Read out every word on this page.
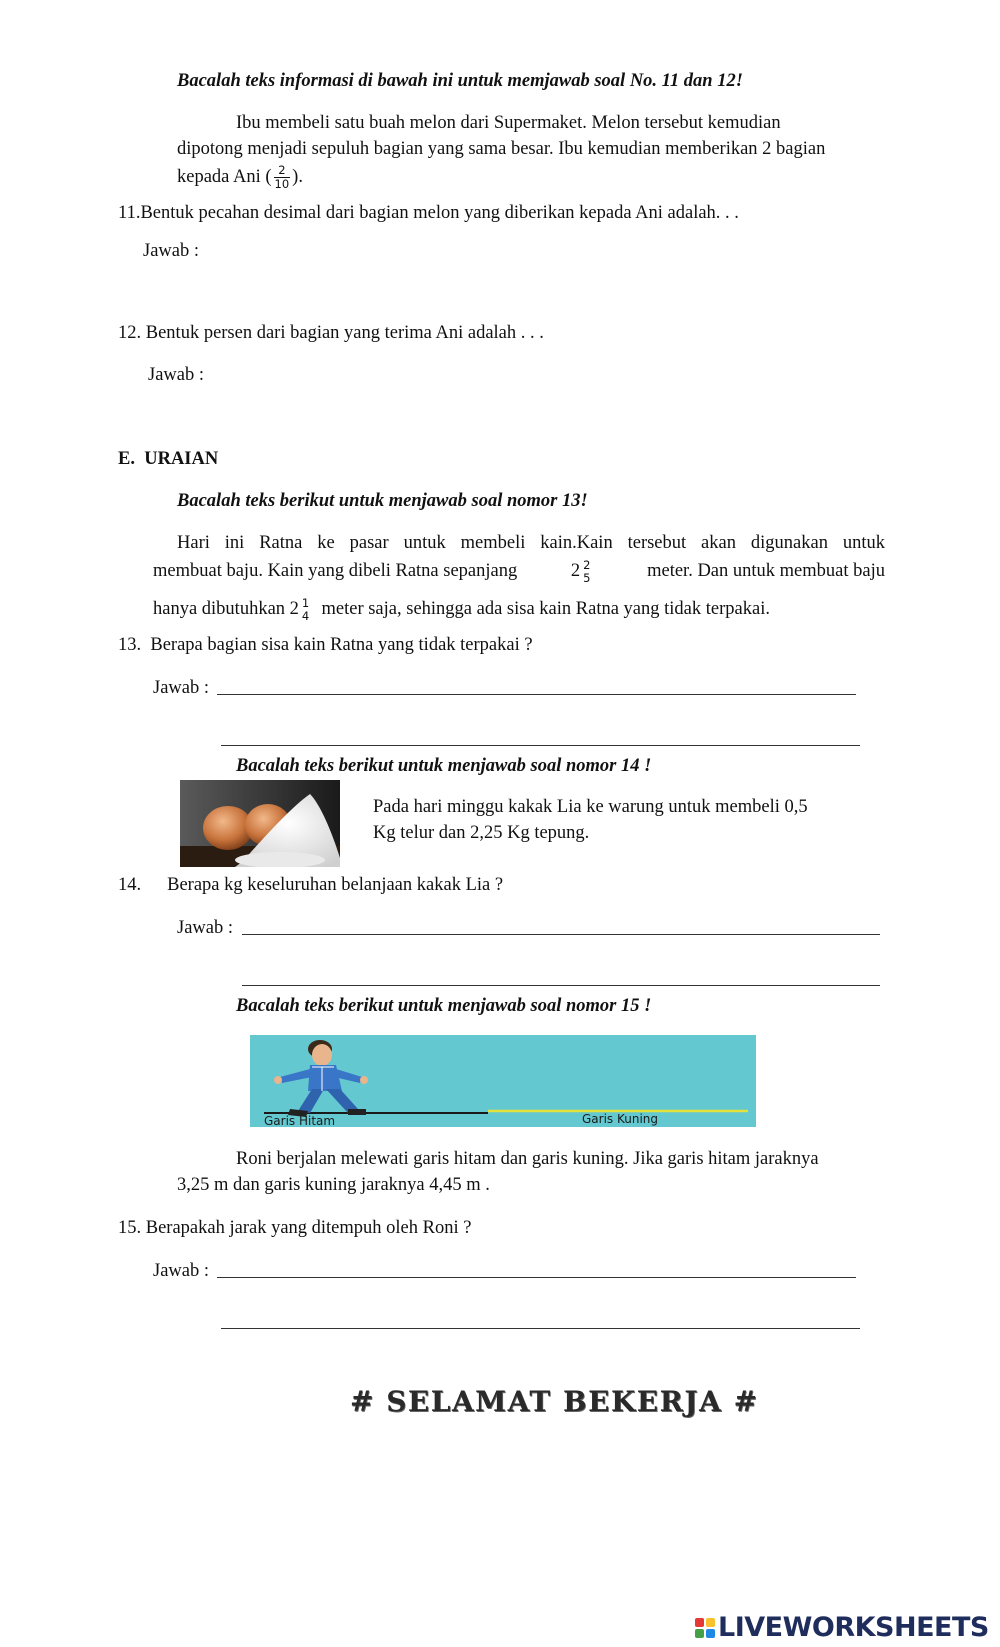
Bacalah teks informasi di bawah ini untuk memjawab soal No. 11 dan 12!
Ibu membeli satu buah melon dari Supermaket. Melon tersebut kemudian
dipotong menjadi sepuluh bagian yang sama besar. Ibu kemudian memberikan 2 bagian
kepada Ani ( $\frac{2}{10}$ ).
11.Bentuk pecahan desimal dari bagian melon yang diberikan kepada Ani adalah. . .
Jawab :
12. Bentuk persen dari bagian yang terima Ani adalah . . .
Jawab :
E. URAIAN
Bacalah teks berikut untuk menjawab soal nomor 13!
Hari ini Ratna ke pasar untuk membeli kain.Kain tersebut akan digunakan untuk
membuat baju. Kain yang dibeli Ratna sepanjang	2 2
5	meter. Dan untuk membuat baju
hanya dibutuhkan 2 1
4 meter saja, sehingga ada sisa kain Ratna yang tidak terpakai.
13. Berapa bagian sisa kain Ratna yang tidak terpakai ?
Jawab :
Bacalah teks berikut untuk menjawab soal nomor 14 !
Pada hari minggu kakak Lia ke warung untuk membeli 0,5
Kg telur dan 2,25 Kg tepung.
14. Berapa kg keseluruhan belanjaan kakak Lia ?
Jawab :
Bacalah teks berikut untuk menjawab soal nomor 15 !
Garis Hitam	Garis Kuning
Roni berjalan melewati garis hitam dan garis kuning. Jika garis hitam jaraknya
3,25 m dan garis kuning jaraknya 4,45 m .
15. Berapakah jarak yang ditempuh oleh Roni ?
Jawab :
# SELAMAT BEKERJA #
LIVEWORKSHEETS
